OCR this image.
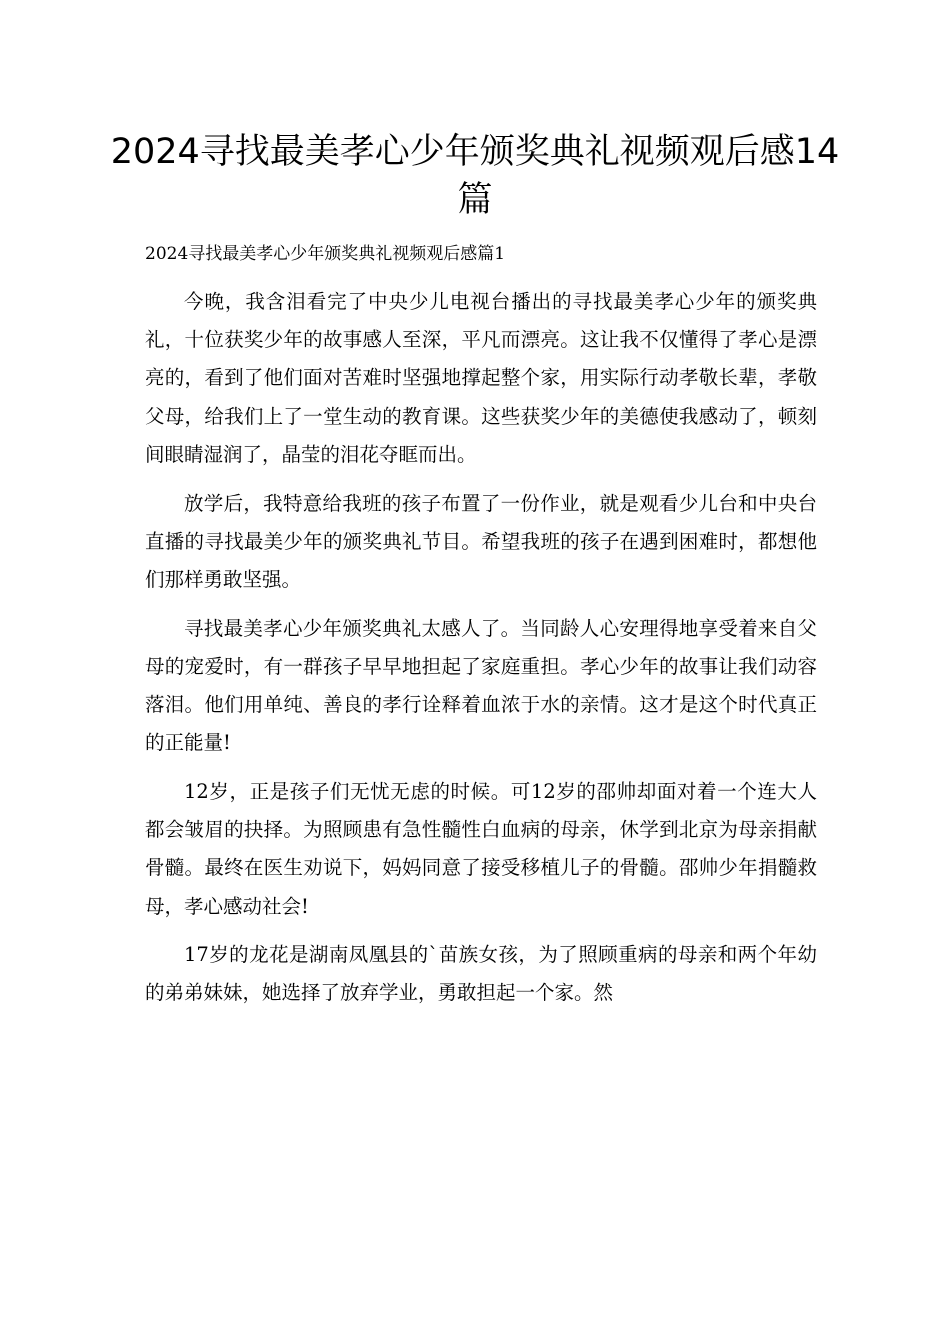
2024寻找最美孝心少年颁奖典礼视频观后感14篇
2024寻找最美孝心少年颁奖典礼视频观后感篇1

今晚，我含泪看完了中央少儿电视台播出的寻找最美孝心少年的颁奖典礼，十位获奖少年的故事感人至深，平凡而漂亮。这让我不仅懂得了孝心是漂亮的，看到了他们面对苦难时坚强地撑起整个家，用实际行动孝敬长辈，孝敬父母，给我们上了一堂生动的教育课。这些获奖少年的美德使我感动了，顿刻间眼睛湿润了，晶莹的泪花夺眶而出。

放学后，我特意给我班的孩子布置了一份作业，就是观看少儿台和中央台直播的寻找最美少年的颁奖典礼节目。希望我班的孩子在遇到困难时，都想他们那样勇敢坚强。

寻找最美孝心少年颁奖典礼太感人了。当同龄人心安理得地享受着来自父母的宠爱时，有一群孩子早早地担起了家庭重担。孝心少年的故事让我们动容落泪。他们用单纯、善良的孝行诠释着血浓于水的亲情。这才是这个时代真正的正能量!

12岁，正是孩子们无忧无虑的时候。可12岁的邵帅却面对着一个连大人都会皱眉的抉择。为照顾患有急性髓性白血病的母亲，休学到北京为母亲捐献骨髓。最终在医生劝说下，妈妈同意了接受移植儿子的骨髓。邵帅少年捐髓救母，孝心感动社会!

17岁的龙花是湖南凤凰县的`苗族女孩，为了照顾重病的母亲和两个年幼的弟弟妹妹，她选择了放弃学业，勇敢担起一个家。然
